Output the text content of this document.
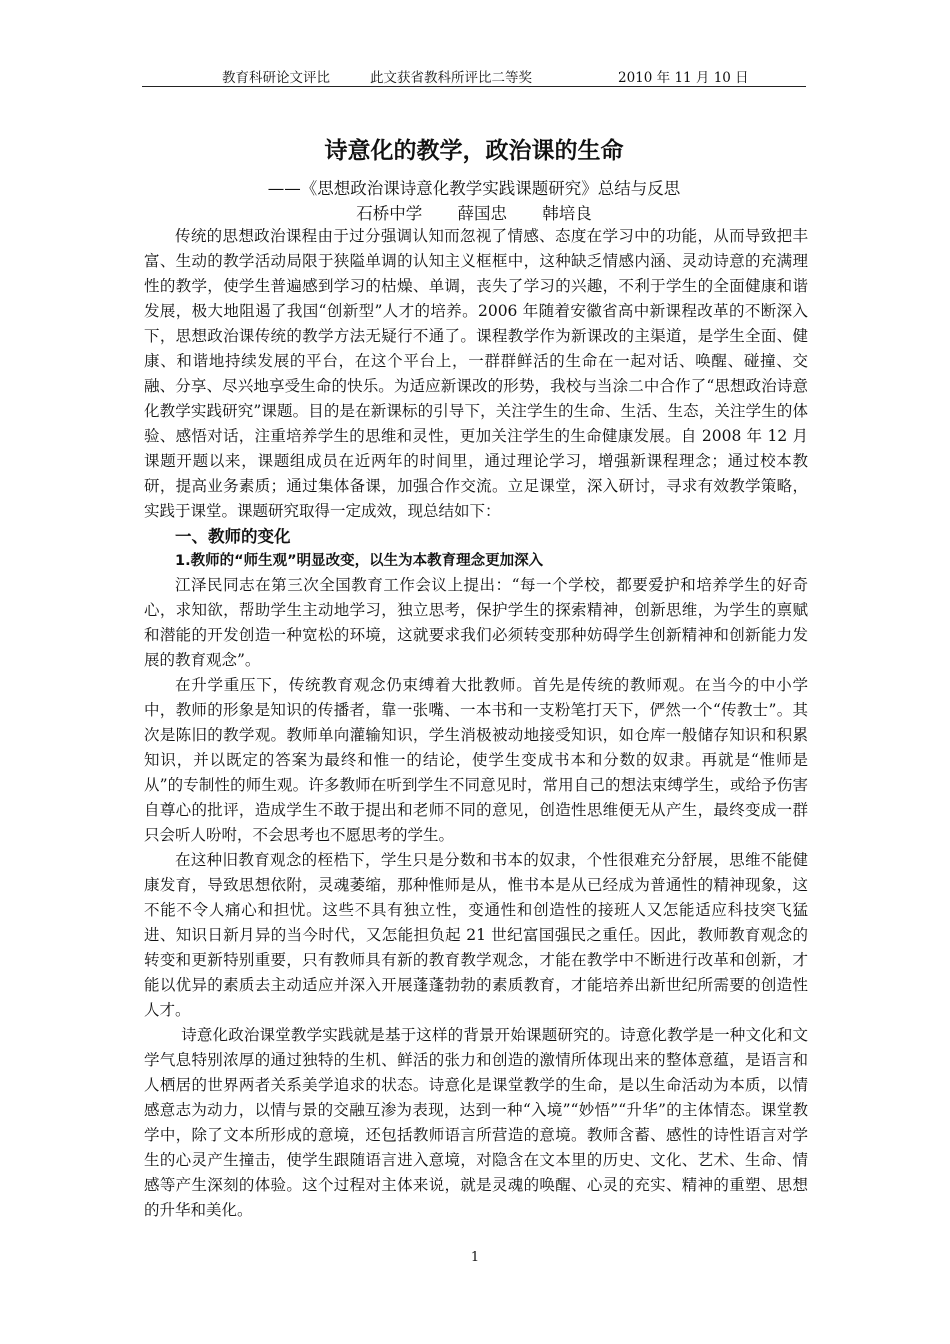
教育科研论文评比	此文获省教科所评比二等奖	2010 年 11 月 10 日
诗意化的教学，政治课的生命
——《思想政治课诗意化教学实践课题研究》总结与反思
石桥中学 薛国忠 韩培良

传统的思想政治课程由于过分强调认知而忽视了情感、态度在学习中的功能，从而导致把丰富、生动的教学活动局限于狭隘单调的认知主义框框中，这种缺乏情感内涵、灵动诗意的充满理性的教学，使学生普遍感到学习的枯燥、单调，丧失了学习的兴趣，不利于学生的全面健康和谐发展，极大地阻遏了我国“创新型”人才的培养。2006 年随着安徽省高中新课程改革的不断深入下，思想政治课传统的教学方法无疑行不通了。课程教学作为新课改的主渠道，是学生全面、健康、和谐地持续发展的平台，在这个平台上，一群群鲜活的生命在一起对话、唤醒、碰撞、交融、分享、尽兴地享受生命的快乐。为适应新课改的形势，我校与当涂二中合作了“思想政治诗意化教学实践研究”课题。目的是在新课标的引导下，关注学生的生命、生活、生态，关注学生的体验、感悟对话，注重培养学生的思维和灵性，更加关注学生的生命健康发展。自 2008 年 12 月课题开题以来，课题组成员在近两年的时间里，通过理论学习，增强新课程理念；通过校本教研，提高业务素质；通过集体备课，加强合作交流。立足课堂，深入研讨，寻求有效教学策略，实践于课堂。课题研究取得一定成效，现总结如下：

一、教师的变化
1.教师的“师生观”明显改变，以生为本教育理念更加深入

江泽民同志在第三次全国教育工作会议上提出：“每一个学校，都要爱护和培养学生的好奇心，求知欲，帮助学生主动地学习，独立思考，保护学生的探索精神，创新思维，为学生的禀赋和潜能的开发创造一种宽松的环境，这就要求我们必须转变那种妨碍学生创新精神和创新能力发展的教育观念”。

在升学重压下，传统教育观念仍束缚着大批教师。首先是传统的教师观。在当今的中小学中，教师的形象是知识的传播者，靠一张嘴、一本书和一支粉笔打天下，俨然一个“传教士”。其次是陈旧的教学观。教师单向灌输知识，学生消极被动地接受知识，如仓库一般储存知识和积累知识，并以既定的答案为最终和惟一的结论，使学生变成书本和分数的奴隶。再就是“惟师是从”的专制性的师生观。许多教师在听到学生不同意见时，常用自己的想法束缚学生，或给予伤害自尊心的批评，造成学生不敢于提出和老师不同的意见，创造性思维便无从产生，最终变成一群只会听人吩咐，不会思考也不愿思考的学生。

在这种旧教育观念的桎梏下，学生只是分数和书本的奴隶，个性很难充分舒展，思维不能健康发育，导致思想依附，灵魂萎缩，那种惟师是从，惟书本是从已经成为普通性的精神现象，这不能不令人痛心和担忧。这些不具有独立性，变通性和创造性的接班人又怎能适应科技突飞猛进、知识日新月异的当今时代，又怎能担负起 21 世纪富国强民之重任。因此，教师教育观念的转变和更新特别重要，只有教师具有新的教育教学观念，才能在教学中不断进行改革和创新，才能以优异的素质去主动适应并深入开展蓬蓬勃勃的素质教育，才能培养出新世纪所需要的创造性人才。

诗意化政治课堂教学实践就是基于这样的背景开始课题研究的。诗意化教学是一种文化和文学气息特别浓厚的通过独特的生机、鲜活的张力和创造的激情所体现出来的整体意蕴，是语言和人栖居的世界两者关系美学追求的状态。诗意化是课堂教学的生命，是以生命活动为本质，以情感意志为动力，以情与景的交融互渗为表现，达到一种“入境”“妙悟”“升华”的主体情态。课堂教学中，除了文本所形成的意境，还包括教师语言所营造的意境。教师含蓄、感性的诗性语言对学生的心灵产生撞击，使学生跟随语言进入意境，对隐含在文本里的历史、文化、艺术、生命、情感等产生深刻的体验。这个过程对主体来说，就是灵魂的唤醒、心灵的充实、精神的重塑、思想的升华和美化。

1
